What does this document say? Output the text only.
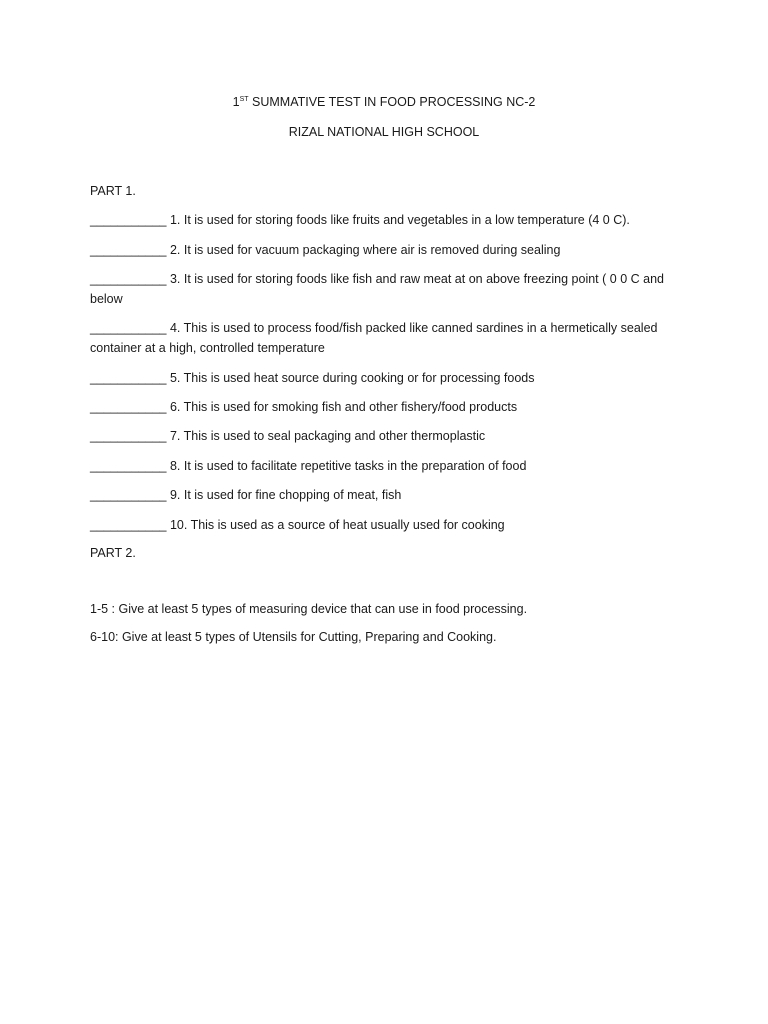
1ST SUMMATIVE TEST IN FOOD PROCESSING NC-2
RIZAL NATIONAL HIGH SCHOOL
PART 1.
___________ 1. It is used for storing foods like fruits and vegetables in a low temperature (4 0 C).
___________ 2. It is used for vacuum packaging where air is removed during sealing
___________ 3. It is used for storing foods like fish and raw meat at on above freezing point ( 0 0 C and below
___________ 4. This is used to process food/fish packed like canned sardines in a hermetically sealed container at a high, controlled temperature
___________ 5. This is used heat source during cooking or for processing foods
___________ 6. This is used for smoking fish and other fishery/food products
___________ 7. This is used to seal packaging and other thermoplastic
___________ 8. It is used to facilitate repetitive tasks in the preparation of food
___________ 9. It is used for fine chopping of meat, fish
___________ 10. This is used as a source of heat usually used for cooking
PART 2.
1-5 : Give at least 5 types of measuring device that can use in food processing.
6-10: Give at least 5 types of Utensils for Cutting, Preparing and Cooking.
